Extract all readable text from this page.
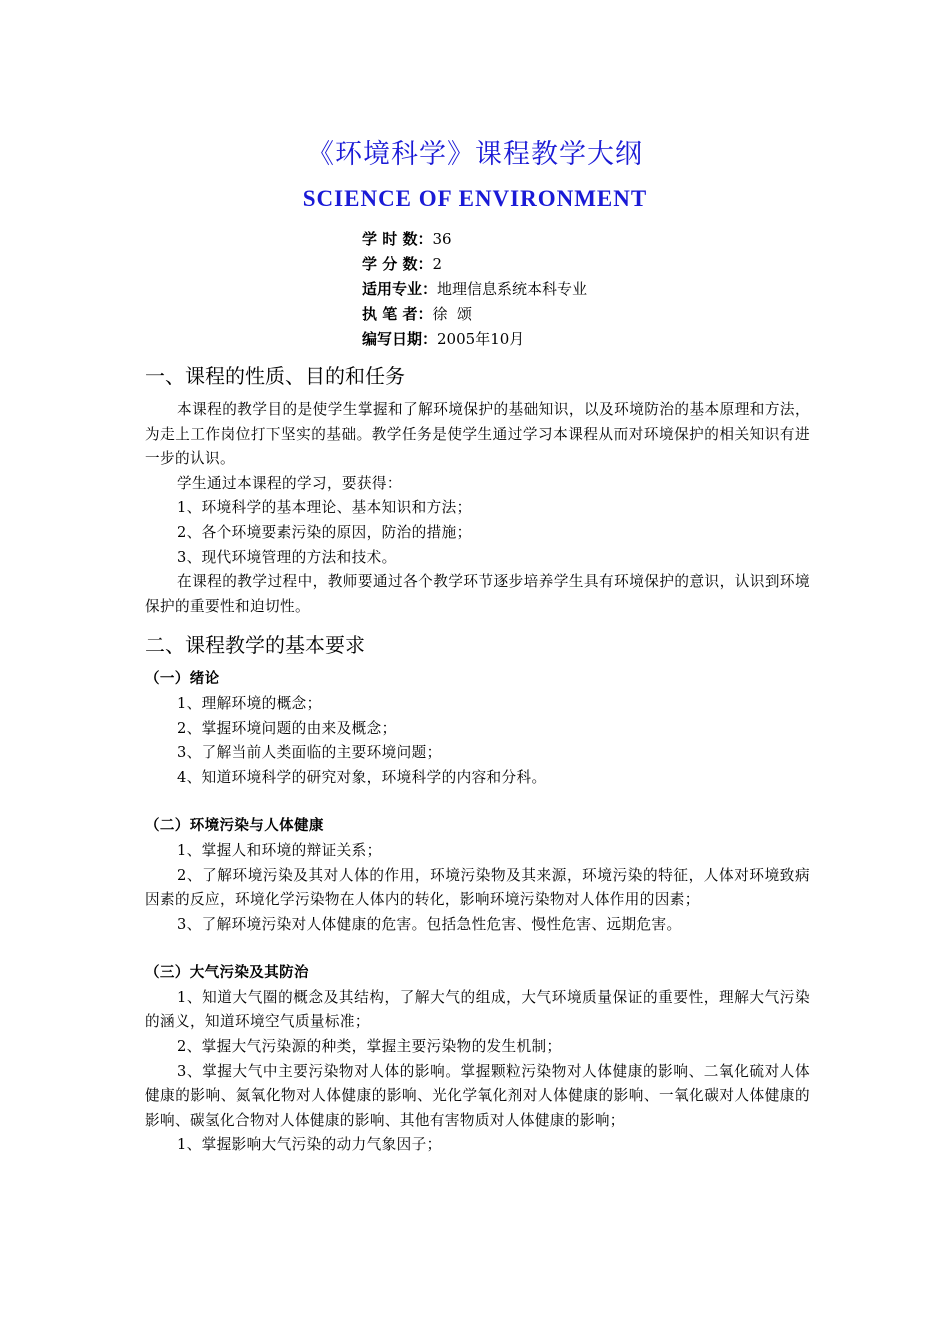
《环境科学》课程教学大纲
SCIENCE OF ENVIRONMENT
学 时 数：36
学 分 数：2
适用专业：地理信息系统本科专业
执 笔 者：徐  颂
编写日期：2005年10月
一、课程的性质、目的和任务

本课程的教学目的是使学生掌握和了解环境保护的基础知识，以及环境防治的基本原理和方法，为走上工作岗位打下坚实的基础。教学任务是使学生通过学习本课程从而对环境保护的相关知识有进一步的认识。

学生通过本课程的学习，要获得：

1、环境科学的基本理论、基本知识和方法；

2、各个环境要素污染的原因，防治的措施；

3、现代环境管理的方法和技术。

在课程的教学过程中，教师要通过各个教学环节逐步培养学生具有环境保护的意识，认识到环境保护的重要性和迫切性。

二、课程教学的基本要求

（一）绪论

1、理解环境的概念；

2、掌握环境问题的由来及概念；

3、了解当前人类面临的主要环境问题；

4、知道环境科学的研究对象，环境科学的内容和分科。

（二）环境污染与人体健康

1、掌握人和环境的辩证关系；

2、了解环境污染及其对人体的作用，环境污染物及其来源，环境污染的特征，人体对环境致病因素的反应，环境化学污染物在人体内的转化，影响环境污染物对人体作用的因素；

3、了解环境污染对人体健康的危害。包括急性危害、慢性危害、远期危害。

（三）大气污染及其防治

1、知道大气圈的概念及其结构，了解大气的组成，大气环境质量保证的重要性，理解大气污染的涵义，知道环境空气质量标准；

2、掌握大气污染源的种类，掌握主要污染物的发生机制；

3、掌握大气中主要污染物对人体的影响。掌握颗粒污染物对人体健康的影响、二氧化硫对人体健康的影响、氮氧化物对人体健康的影响、光化学氧化剂对人体健康的影响、一氧化碳对人体健康的影响、碳氢化合物对人体健康的影响、其他有害物质对人体健康的影响；

1、掌握影响大气污染的动力气象因子；
